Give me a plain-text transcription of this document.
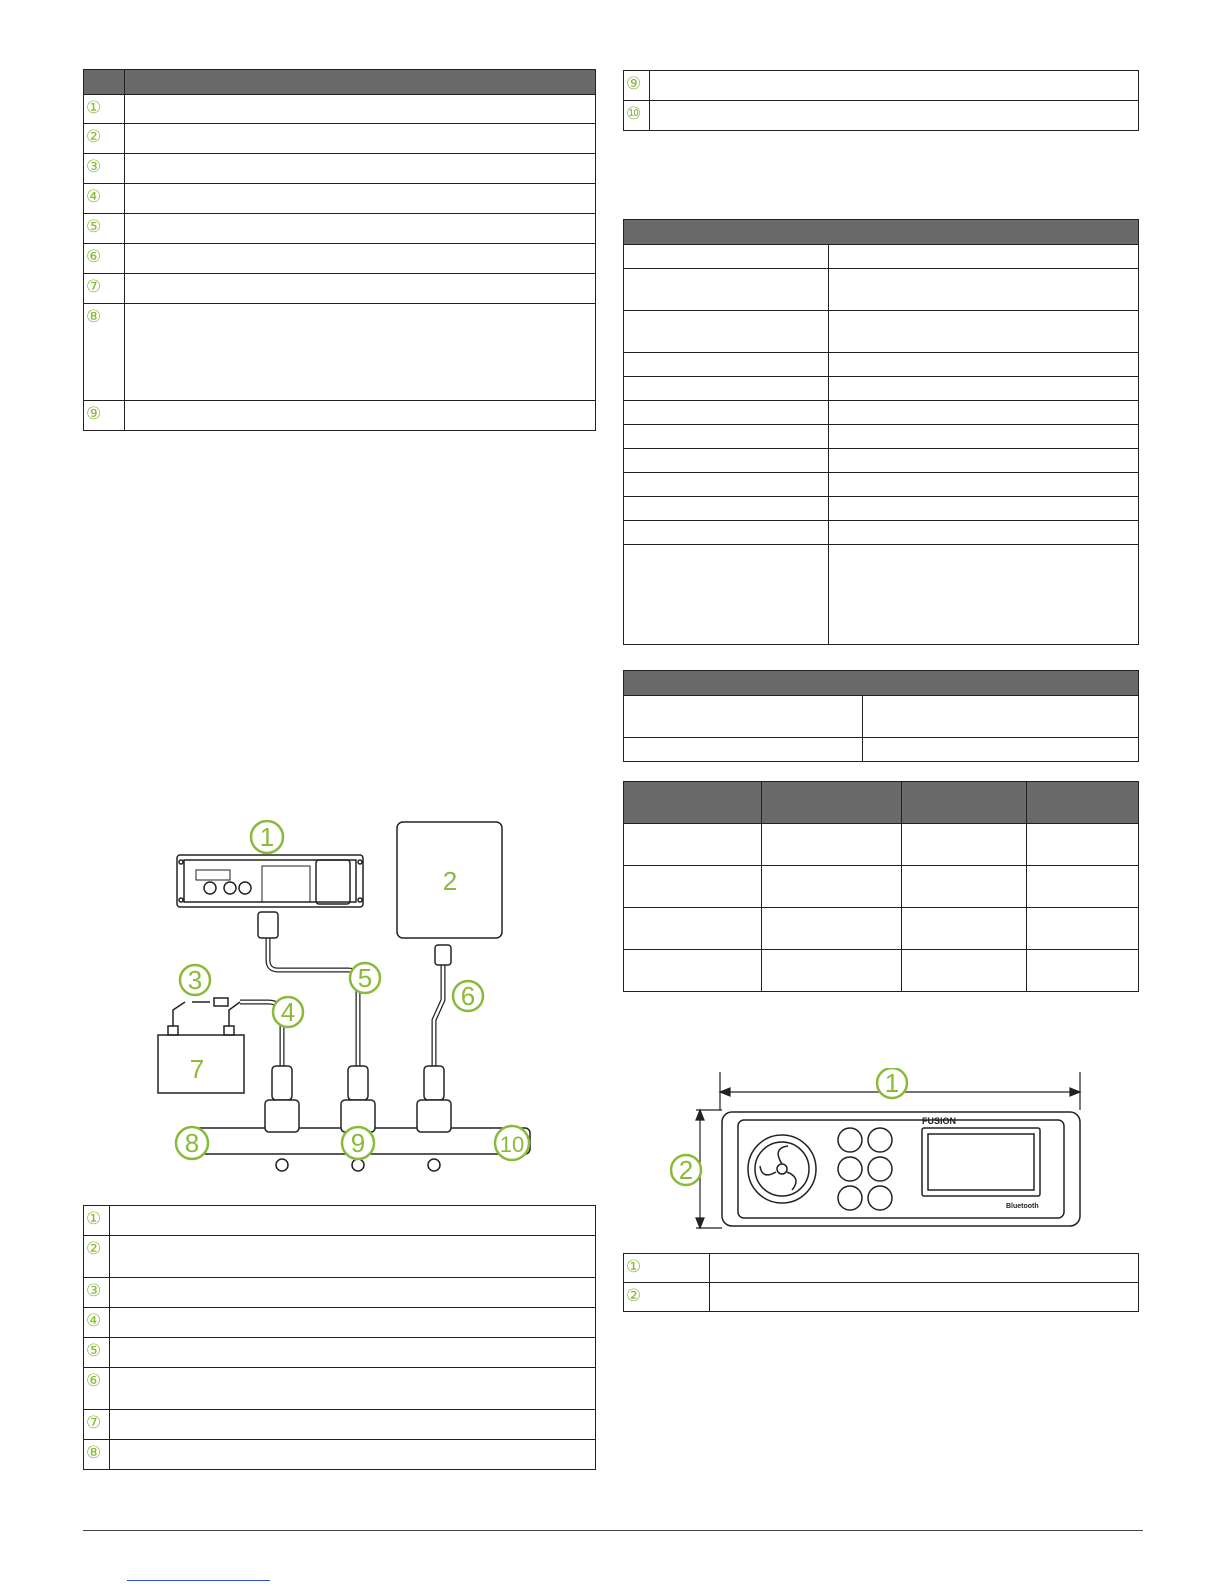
①	
②	
③	
④	
⑤	
⑥	
⑦	
⑧	
⑨	
⑨	
⑩	

①	
②	
③	
④	
⑤	
⑥	
⑦	
⑧	
①	
②	
1
2
3
4
5
6
7
8	9	10
FUSION
Bluetooth
1
2
